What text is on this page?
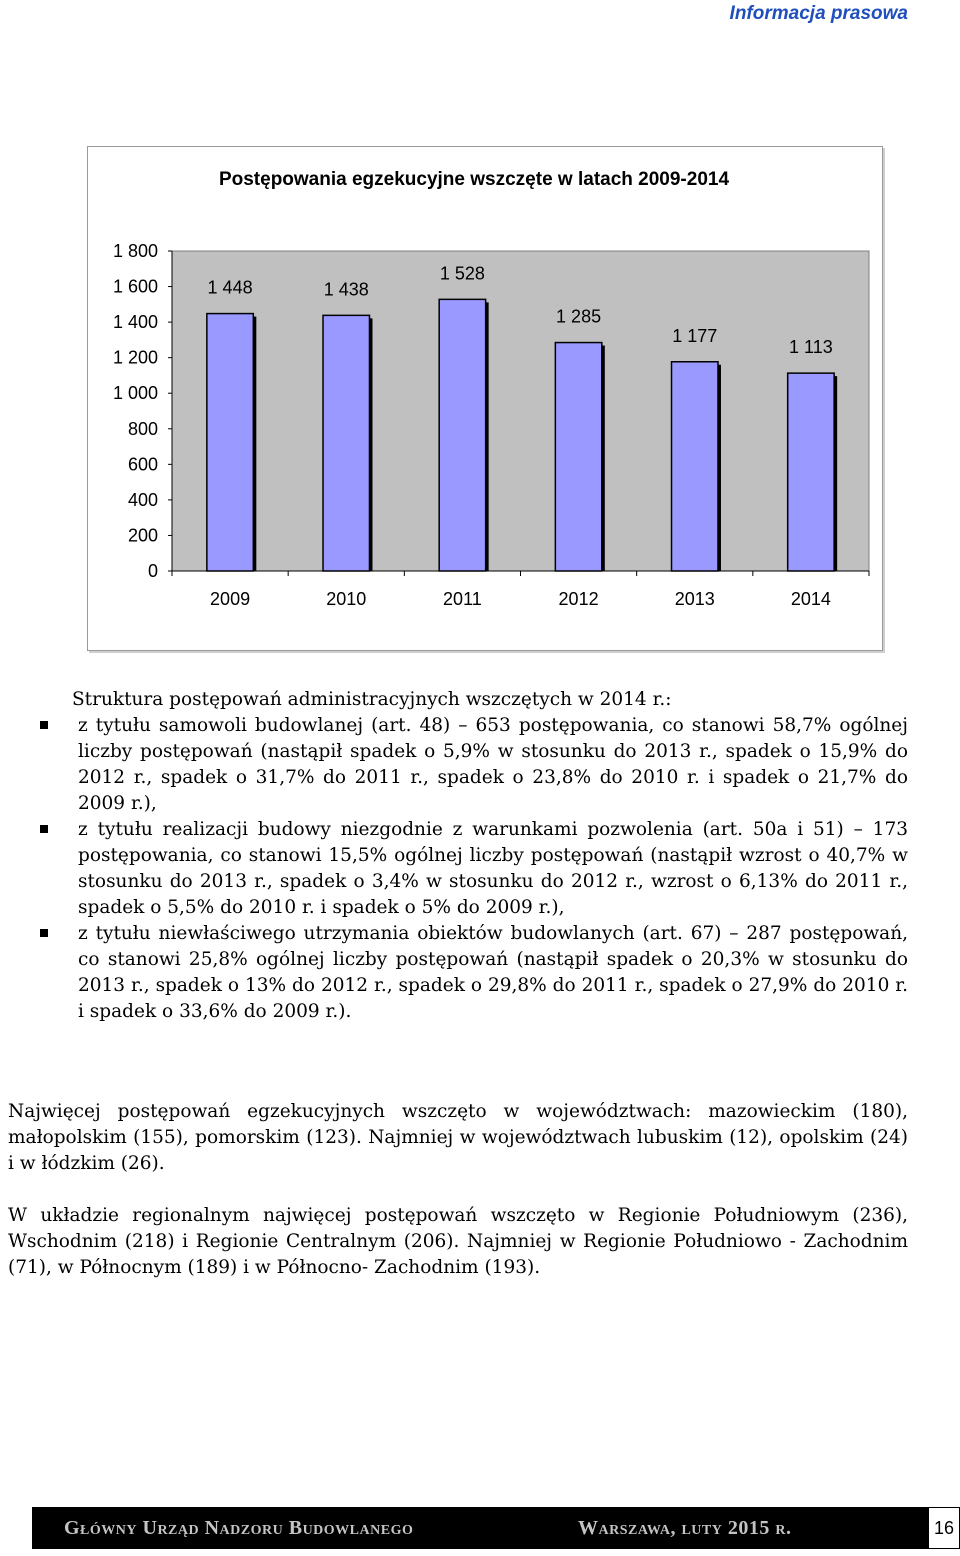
Informacja prasowa
Postępowania egzekucyjne wszczęte w latach 2009-2014
1 448	1 438
1 528
1 285
1 177
1 113
0
200
400
600
800
1 000
1 200
1 400
1 600
1 800
2009	2010	2011	2012	2013	2014
Struktura postępowań administracyjnych wszczętych w 2014 r.:
z tytułu samowoli budowlanej (art. 48) – 653 postępowania, co stanowi 58,7% ogólnej liczby postępowań (nastąpił spadek o 5,9% w stosunku do 2013 r., spadek o 15,9% do 2012 r., spadek o 31,7% do 2011 r., spadek o 23,8% do 2010 r. i spadek o 21,7% do 2009 r.),
z tytułu realizacji budowy niezgodnie z warunkami pozwolenia (art. 50a i 51) – 173 postępowania, co stanowi 15,5% ogólnej liczby postępowań (nastąpił wzrost o 40,7% w stosunku do 2013 r., spadek o 3,4% w stosunku do 2012 r., wzrost o 6,13% do 2011 r., spadek o 5,5% do 2010 r. i spadek o 5% do 2009 r.),
z tytułu niewłaściwego utrzymania obiektów budowlanych (art. 67) – 287 postępowań, co stanowi 25,8% ogólnej liczby postępowań (nastąpił spadek o 20,3% w stosunku do 2013 r., spadek o 13% do 2012 r., spadek o 29,8% do 2011 r., spadek o 27,9% do 2010 r. i spadek o 33,6% do 2009 r.).

Najwięcej postępowań egzekucyjnych wszczęto w województwach: mazowieckim (180), małopolskim (155), pomorskim (123). Najmniej w województwach lubuskim (12), opolskim (24) i w łódzkim (26).

W układzie regionalnym najwięcej postępowań wszczęto w Regionie Południowym (236), Wschodnim (218) i Regionie Centralnym (206). Najmniej w Regionie Południowo - Zachodnim (71), w Północnym (189) i w Północno- Zachodnim (193).

Główny Urząd Nadzoru Budowlanego	Warszawa, luty 2015 r.	16
